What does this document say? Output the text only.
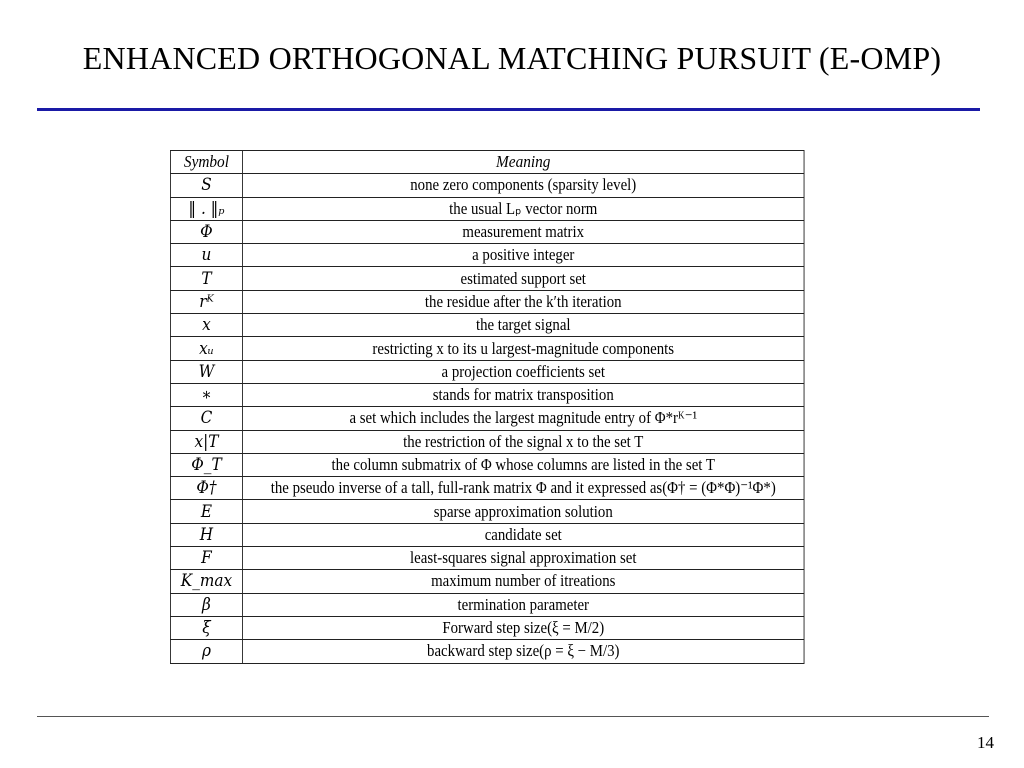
ENHANCED ORTHOGONAL MATCHING PURSUIT (E-OMP)
Symbol	Meaning
S	none zero components (sparsity level)
‖ . ‖ₚ	the usual Lₚ vector norm
Φ	measurement matrix
u	a positive integer
T	estimated support set
rᴷ	the residue after the k′th iteration
x	the target signal
xᵤ	restricting x to its u largest-magnitude components
W	a projection coefficients set
∗	stands for matrix transposition
C	a set which includes the largest magnitude entry of Φ*rᴷ⁻¹
x|T	the restriction of the signal x to the set T
Φ_T	the column submatrix of Φ whose columns are listed in the set T
Φ†	the pseudo inverse of a tall, full-rank matrix Φ and it expressed as(Φ† = (Φ*Φ)⁻¹Φ*)
E	sparse approximation solution
H	candidate set
F	least-squares signal approximation set
K_max	maximum number of itreations
β	termination parameter
ξ	Forward step size(ξ = M/2)
ρ	backward step size(ρ = ξ − M/3)
14
